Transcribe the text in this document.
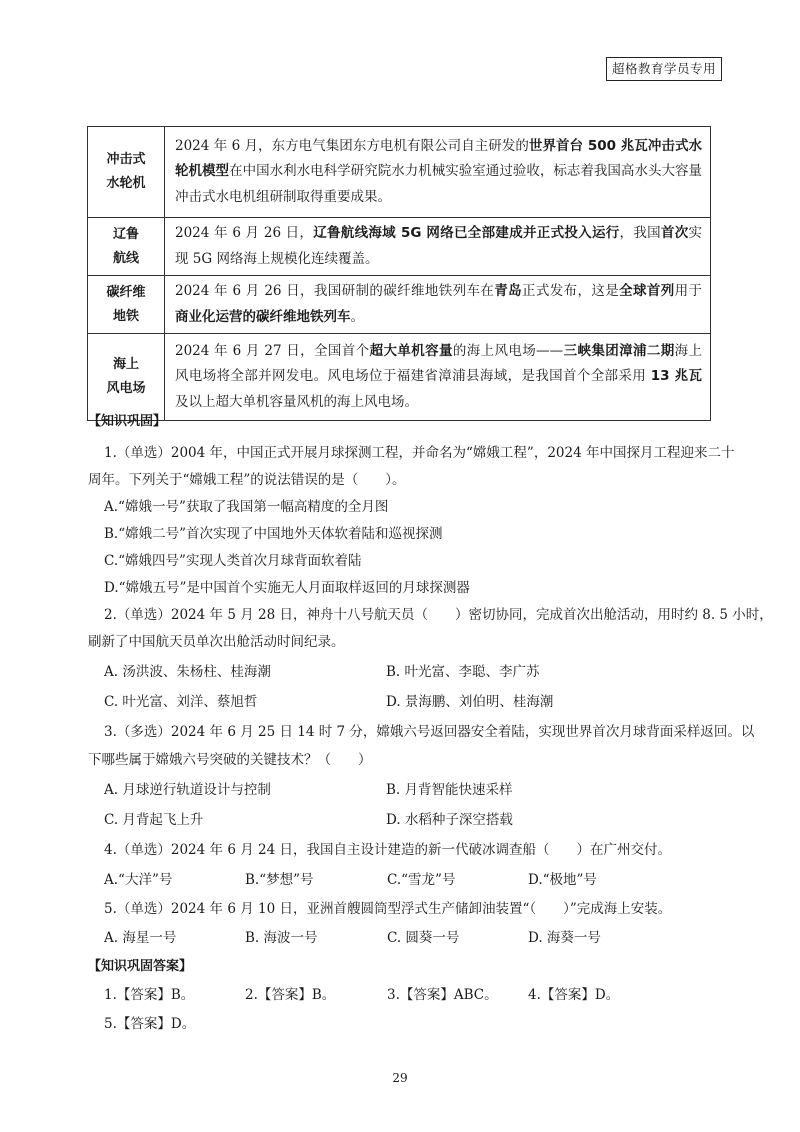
超格教育学员专用
冲击式
水轮机	2024 年 6 月，东方电气集团东方电机有限公司自主研发的世界首台 500 兆瓦冲击式水轮机模型在中国水利水电科学研究院水力机械实验室通过验收，标志着我国高水头大容量冲击式水电机组研制取得重要成果。

辽鲁
航线	2024 年 6 月 26 日，辽鲁航线海域 5G 网络已全部建成并正式投入运行，我国首次实现 5G 网络海上规模化连续覆盖。

碳纤维
地铁	2024 年 6 月 26 日，我国研制的碳纤维地铁列车在青岛正式发布，这是全球首列用于商业化运营的碳纤维地铁列车。

海上
风电场	2024 年 6 月 27 日，全国首个超大单机容量的海上风电场——三峡集团漳浦二期海上风电场将全部并网发电。风电场位于福建省漳浦县海域，是我国首个全部采用 13 兆瓦及以上超大单机容量风机的海上风电场。
【知识巩固】
1.（单选）2004 年，中国正式开展月球探测工程，并命名为“嫦娥工程”，2024 年中国探月工程迎来二十
周年。下列关于“嫦娥工程”的说法错误的是（　　）。
A.“嫦娥一号”获取了我国第一幅高精度的全月图
B.“嫦娥二号”首次实现了中国地外天体软着陆和巡视探测
C.“嫦娥四号”实现人类首次月球背面软着陆
D.“嫦娥五号”是中国首个实施无人月面取样返回的月球探测器
2.（单选）2024 年 5 月 28 日，神舟十八号航天员（　　）密切协同，完成首次出舱活动，用时约 8. 5 小时，
刷新了中国航天员单次出舱活动时间纪录。
A. 汤洪波、朱杨柱、桂海潮	B. 叶光富、李聪、李广苏
C. 叶光富、刘洋、蔡旭哲	D. 景海鹏、刘伯明、桂海潮
3.（多选）2024 年 6 月 25 日 14 时 7 分，嫦娥六号返回器安全着陆，实现世界首次月球背面采样返回。以
下哪些属于嫦娥六号突破的关键技术？（　　）
A. 月球逆行轨道设计与控制	B. 月背智能快速采样
C. 月背起飞上升	D. 水稻种子深空搭载
4.（单选）2024 年 6 月 24 日，我国自主设计建造的新一代破冰调查船（　　）在广州交付。
A.“大洋”号	B.“梦想”号	C.“雪龙”号	D.“极地”号
5.（单选）2024 年 6 月 10 日，亚洲首艘圆筒型浮式生产储卸油装置“（　　）”完成海上安装。
A. 海星一号	B. 海波一号	C. 圆葵一号	D. 海葵一号
【知识巩固答案】
1.【答案】B。	2.【答案】B。	3.【答案】ABC。 4.【答案】D。
5.【答案】D。
29
